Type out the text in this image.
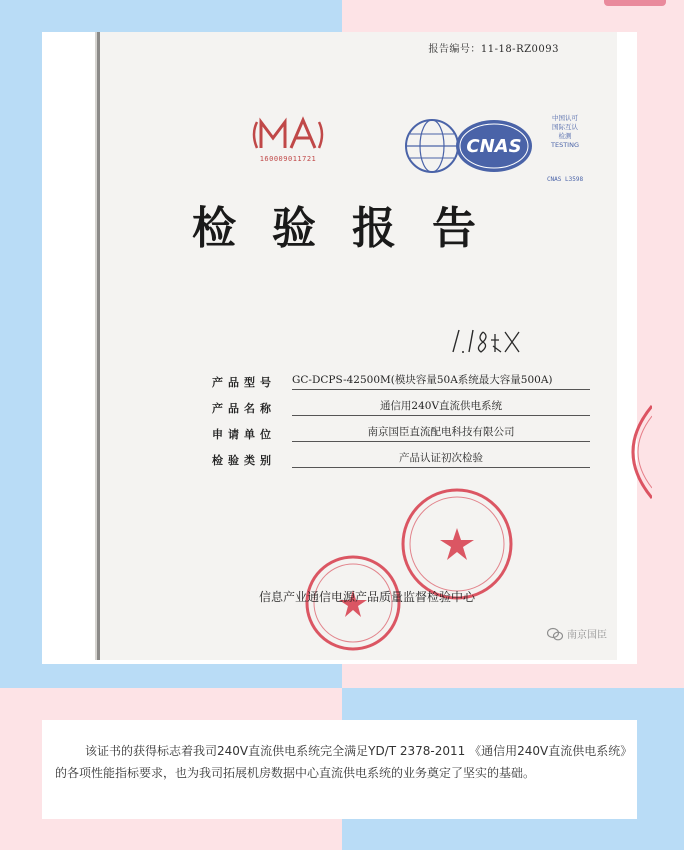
报告编号：11-18-RZ0093
160009011721
CNAS
中国认可
国际互认
检测
TESTING
CNAS L3598
检验报告
产品型号 GC-DCPS-42500M(模块容量50A系统最大容量500A)
产品名称	通信用240V直流供电系统
申请单位	南京国臣直流配电科技有限公司
检验类别	产品认证初次检验
信息产业通信电源产品质量监督检验中心
南京国臣

该证书的获得标志着我司240V直流供电系统完全满足YD/T 2378-2011 《通信用240V直流供电系统》的各项性能指标要求，也为我司拓展机房数据中心直流供电系统的业务奠定了坚实的基础。
